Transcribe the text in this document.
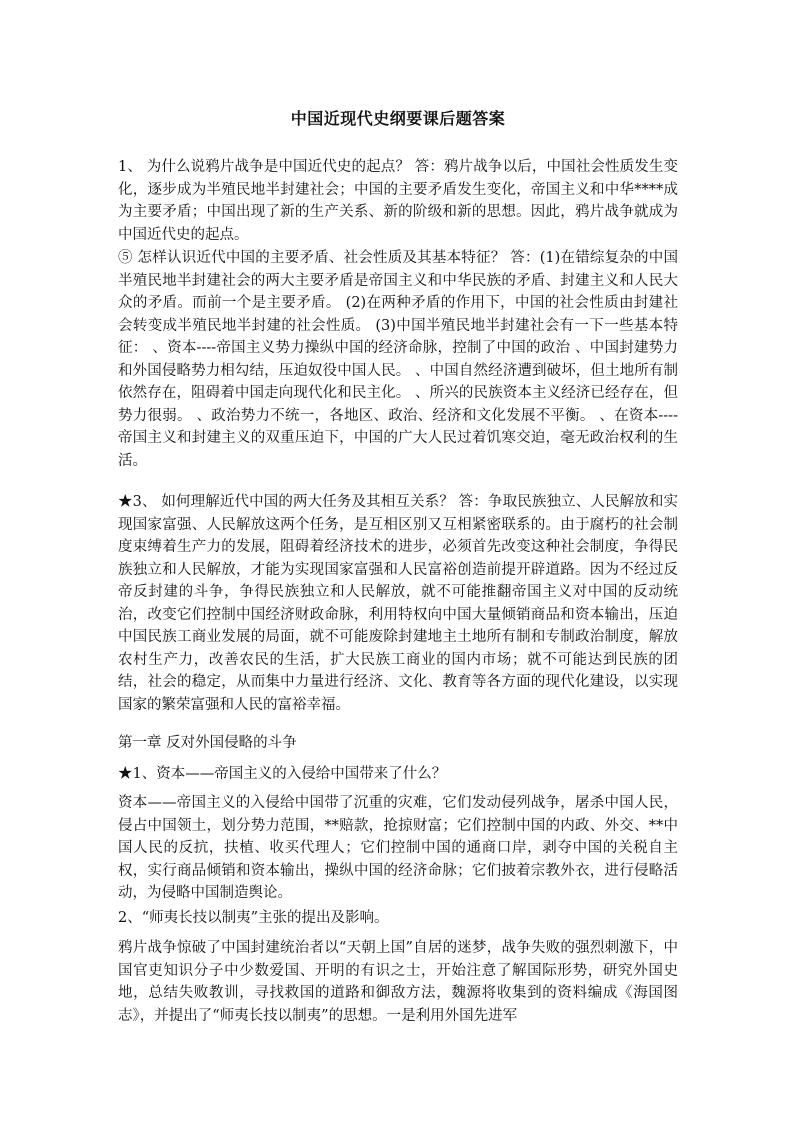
中国近现代史纲要课后题答案

1、 为什么说鸦片战争是中国近代史的起点？ 答：鸦片战争以后，中国社会性质发生变化，逐步成为半殖民地半封建社会；中国的主要矛盾发生变化，帝国主义和中华****成为主要矛盾；中国出现了新的生产关系、新的阶级和新的思想。因此，鸦片战争就成为中国近代史的起点。

⑤ 怎样认识近代中国的主要矛盾、社会性质及其基本特征？ 答：(1)在错综复杂的中国半殖民地半封建社会的两大主要矛盾是帝国主义和中华民族的矛盾、封建主义和人民大众的矛盾。而前一个是主要矛盾。 (2)在两种矛盾的作用下，中国的社会性质由封建社会转变成半殖民地半封建的社会性质。 (3)中国半殖民地半封建社会有一下一些基本特征： 、资本----帝国主义势力操纵中国的经济命脉，控制了中国的政治 、中国封建势力和外国侵略势力相勾结，压迫奴役中国人民。 、中国自然经济遭到破坏，但土地所有制依然存在，阻碍着中国走向现代化和民主化。 、所兴的民族资本主义经济已经存在，但势力很弱。 、政治势力不统一，各地区、政治、经济和文化发展不平衡。 、在资本----帝国主义和封建主义的双重压迫下，中国的广大人民过着饥寒交迫，毫无政治权利的生活。

★3、 如何理解近代中国的两大任务及其相互关系？ 答：争取民族独立、人民解放和实现国家富强、人民解放这两个任务，是互相区别又互相紧密联系的。由于腐朽的社会制度束缚着生产力的发展，阻碍着经济技术的进步，必须首先改变这种社会制度，争得民族独立和人民解放，才能为实现国家富强和人民富裕创造前提开辟道路。因为不经过反帝反封建的斗争，争得民族独立和人民解放，就不可能推翻帝国主义对中国的反动统治，改变它们控制中国经济财政命脉，利用特权向中国大量倾销商品和资本输出，压迫中国民族工商业发展的局面，就不可能废除封建地主土地所有制和专制政治制度，解放农村生产力，改善农民的生活，扩大民族工商业的国内市场；就不可能达到民族的团结，社会的稳定，从而集中力量进行经济、文化、教育等各方面的现代化建设，以实现国家的繁荣富强和人民的富裕幸福。

第一章 反对外国侵略的斗争

★1、资本——帝国主义的入侵给中国带来了什么？

资本——帝国主义的入侵给中国带了沉重的灾难，它们发动侵列战争，屠杀中国人民，侵占中国领土，划分势力范围，**赔款，抢掠财富；它们控制中国的内政、外交、**中国人民的反抗，扶植、收买代理人；它们控制中国的通商口岸，剥夺中国的关税自主权，实行商品倾销和资本输出，操纵中国的经济命脉；它们披着宗教外衣，进行侵略活动，为侵略中国制造舆论。

2、“师夷长技以制夷”主张的提出及影响。

鸦片战争惊破了中国封建统治者以“天朝上国”自居的迷梦，战争失败的强烈刺激下，中国官吏知识分子中少数爱国、开明的有识之士，开始注意了解国际形势，研究外国史地，总结失败教训，寻找救国的道路和御敌方法，魏源将收集到的资料编成《海国图志》，并提出了“师夷长技以制夷”的思想。一是利用外国先进军
